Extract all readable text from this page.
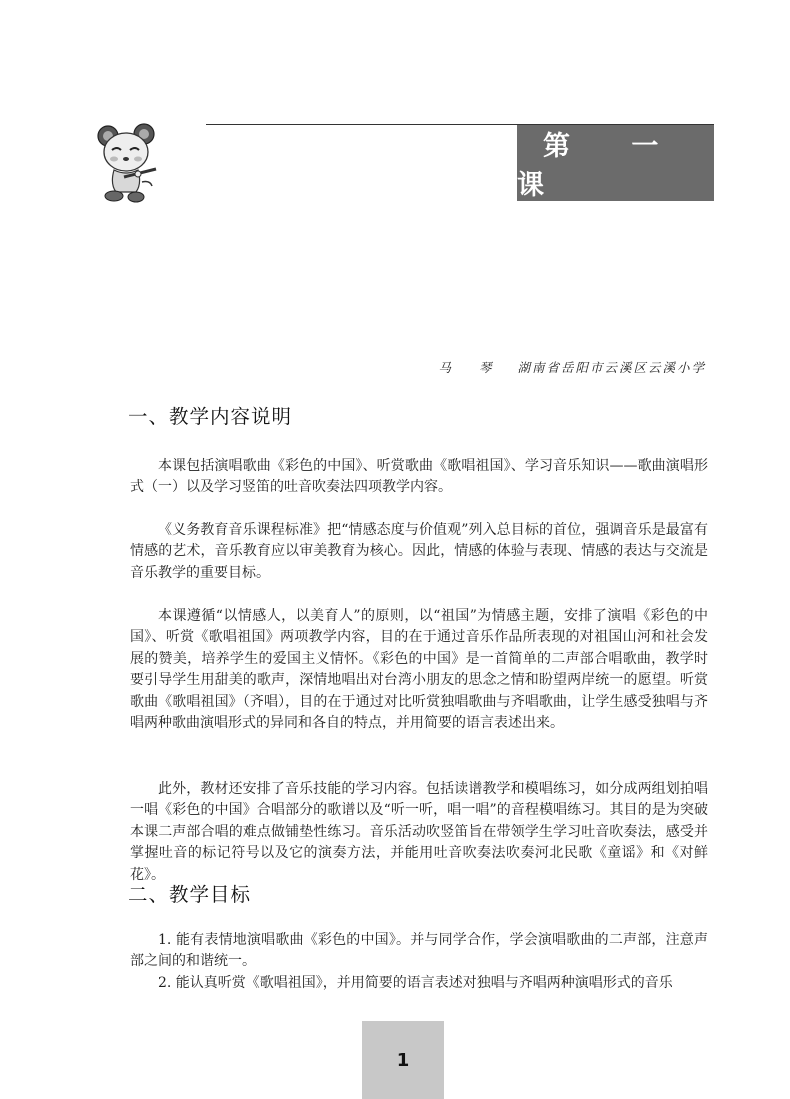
第 一 课
马 琴 湖南省岳阳市云溪区云溪小学
一、教学内容说明

本课包括演唱歌曲《彩色的中国》、听赏歌曲《歌唱祖国》、学习音乐知识——歌曲演唱形式（一）以及学习竖笛的吐音吹奏法四项教学内容。

《义务教育音乐课程标准》把“情感态度与价值观”列入总目标的首位，强调音乐是最富有情感的艺术，音乐教育应以审美教育为核心。因此，情感的体验与表现、情感的表达与交流是音乐教学的重要目标。

本课遵循“以情感人，以美育人”的原则，以“祖国”为情感主题，安排了演唱《彩色的中国》、听赏《歌唱祖国》两项教学内容，目的在于通过音乐作品所表现的对祖国山河和社会发展的赞美，培养学生的爱国主义情怀。《彩色的中国》是一首简单的二声部合唱歌曲，教学时要引导学生用甜美的歌声，深情地唱出对台湾小朋友的思念之情和盼望两岸统一的愿望。听赏歌曲《歌唱祖国》（齐唱），目的在于通过对比听赏独唱歌曲与齐唱歌曲，让学生感受独唱与齐唱两种歌曲演唱形式的异同和各自的特点，并用简要的语言表述出来。

此外，教材还安排了音乐技能的学习内容。包括读谱教学和模唱练习，如分成两组划拍唱一唱《彩色的中国》合唱部分的歌谱以及“听一听，唱一唱”的音程模唱练习。其目的是为突破本课二声部合唱的难点做铺垫性练习。音乐活动吹竖笛旨在带领学生学习吐音吹奏法，感受并掌握吐音的标记符号以及它的演奏方法，并能用吐音吹奏法吹奏河北民歌《童谣》和《对鲜花》。

二、教学目标

1. 能有表情地演唱歌曲《彩色的中国》。并与同学合作，学会演唱歌曲的二声部，注意声部之间的和谐统一。

2. 能认真听赏《歌唱祖国》，并用简要的语言表述对独唱与齐唱两种演唱形式的音乐

1
